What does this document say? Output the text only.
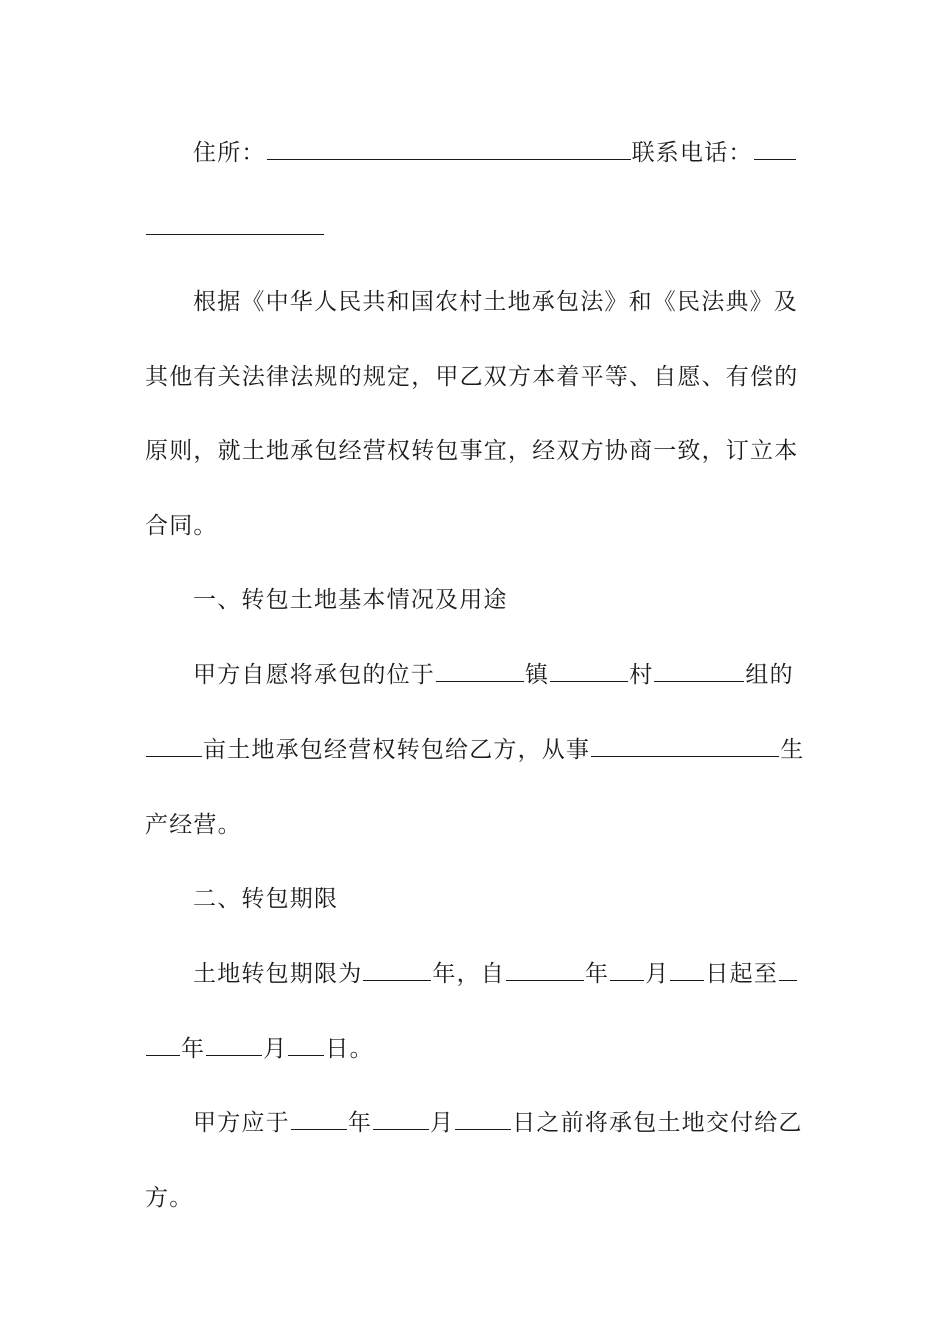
住所：	联系电话：
根据《中华人民共和国农村土地承包法》和《民法典》及
其他有关法律法规的规定，甲乙双方本着平等、自愿、有偿的
原则，就土地承包经营权转包事宜，经双方协商一致，订立本
合同。
一、转包土地基本情况及用途
甲方自愿将承包的位于	镇	村	组的
亩土地承包经营权转包给乙方，从事	生
产经营。
二、转包期限
土地转包期限为	年，自	年 月 日起至
年	月 日。
甲方应于	年	月	日之前将承包土地交付给乙
方。
